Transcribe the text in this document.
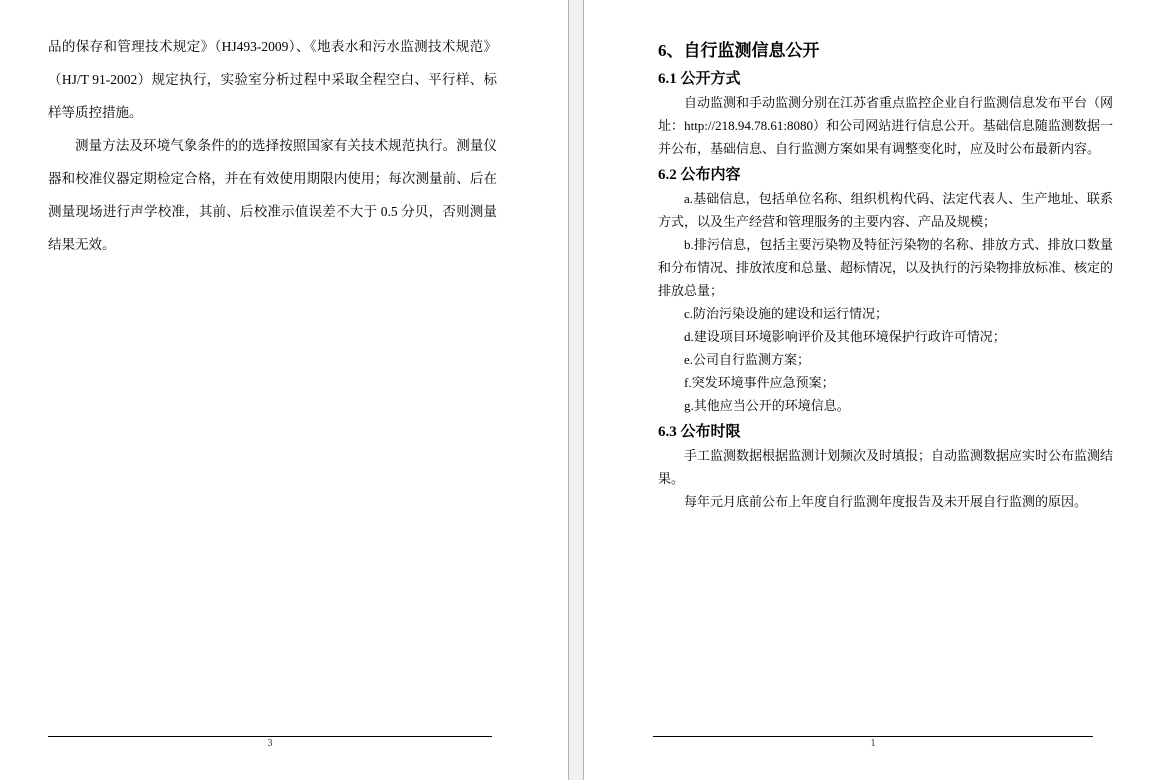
品的保存和管理技术规定》（HJ493-2009）、《地表水和污水监测技术规范》（HJ/T 91-2002）规定执行，实验室分析过程中采取全程空白、平行样、标样等质控措施。

测量方法及环境气象条件的的选择按照国家有关技术规范执行。测量仪器和校准仪器定期检定合格，并在有效使用期限内使用；每次测量前、后在测量现场进行声学校准，其前、后校准示值误差不大于 0.5 分贝，否则测量结果无效。

3
6、自行监测信息公开
6.1 公开方式

自动监测和手动监测分别在江苏省重点监控企业自行监测信息发布平台（网址：http://218.94.78.61:8080）和公司网站进行信息公开。基础信息随监测数据一并公布，基础信息、自行监测方案如果有调整变化时，应及时公布最新内容。

6.2 公布内容

a.基础信息，包括单位名称、组织机构代码、法定代表人、生产地址、联系方式，以及生产经营和管理服务的主要内容、产品及规模；

b.排污信息，包括主要污染物及特征污染物的名称、排放方式、排放口数量和分布情况、排放浓度和总量、超标情况，以及执行的污染物排放标准、核定的排放总量；

c.防治污染设施的建设和运行情况；

d.建设项目环境影响评价及其他环境保护行政许可情况；

e.公司自行监测方案；

f.突发环境事件应急预案；

g.其他应当公开的环境信息。

6.3 公布时限

手工监测数据根据监测计划频次及时填报；自动监测数据应实时公布监测结果。

每年元月底前公布上年度自行监测年度报告及未开展自行监测的原因。

1
